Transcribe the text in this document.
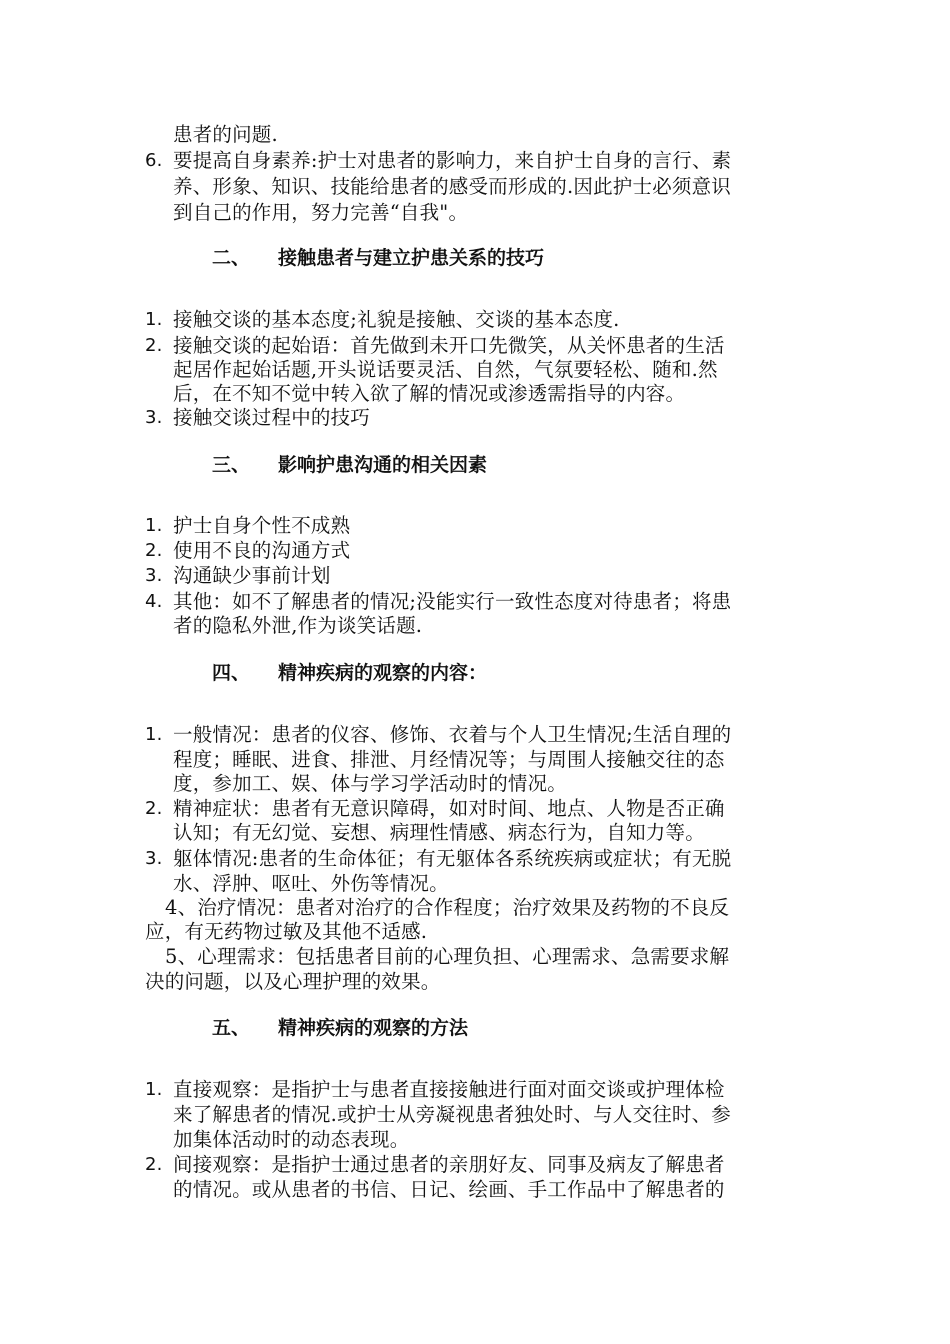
患者的问题.
6. 要提高自身素养:护士对患者的影响力，来自护士自身的言行、素
养、形象、知识、技能给患者的感受而形成的.因此护士必须意识
到自己的作用，努力完善“自我"。
二、 接触患者与建立护患关系的技巧
1. 接触交谈的基本态度;礼貌是接触、交谈的基本态度.
2. 接触交谈的起始语：首先做到未开口先微笑，从关怀患者的生活
起居作起始话题,开头说话要灵活、自然，气氛要轻松、随和.然
后，在不知不觉中转入欲了解的情况或渗透需指导的内容。
3. 接触交谈过程中的技巧
三、 影响护患沟通的相关因素
1. 护士自身个性不成熟
2. 使用不良的沟通方式
3. 沟通缺少事前计划
4. 其他：如不了解患者的情况;没能实行一致性态度对待患者；将患
者的隐私外泄,作为谈笑话题.
四、 精神疾病的观察的内容：
1. 一般情况：患者的仪容、修饰、衣着与个人卫生情况;生活自理的
程度；睡眠、进食、排泄、月经情况等；与周围人接触交往的态
度，参加工、娱、体与学习学活动时的情况。
2. 精神症状：患者有无意识障碍，如对时间、地点、人物是否正确
认知；有无幻觉、妄想、病理性情感、病态行为，自知力等。
3. 躯体情况:患者的生命体征；有无躯体各系统疾病或症状；有无脱
水、浮肿、呕吐、外伤等情况。
4、治疗情况：患者对治疗的合作程度；治疗效果及药物的不良反
应，有无药物过敏及其他不适感.
5、心理需求：包括患者目前的心理负担、心理需求、急需要求解
决的问题，以及心理护理的效果。
五、 精神疾病的观察的方法
1. 直接观察：是指护士与患者直接接触进行面对面交谈或护理体检
来了解患者的情况.或护士从旁凝视患者独处时、与人交往时、参
加集体活动时的动态表现。
2. 间接观察：是指护士通过患者的亲朋好友、同事及病友了解患者
的情况。或从患者的书信、日记、绘画、手工作品中了解患者的
